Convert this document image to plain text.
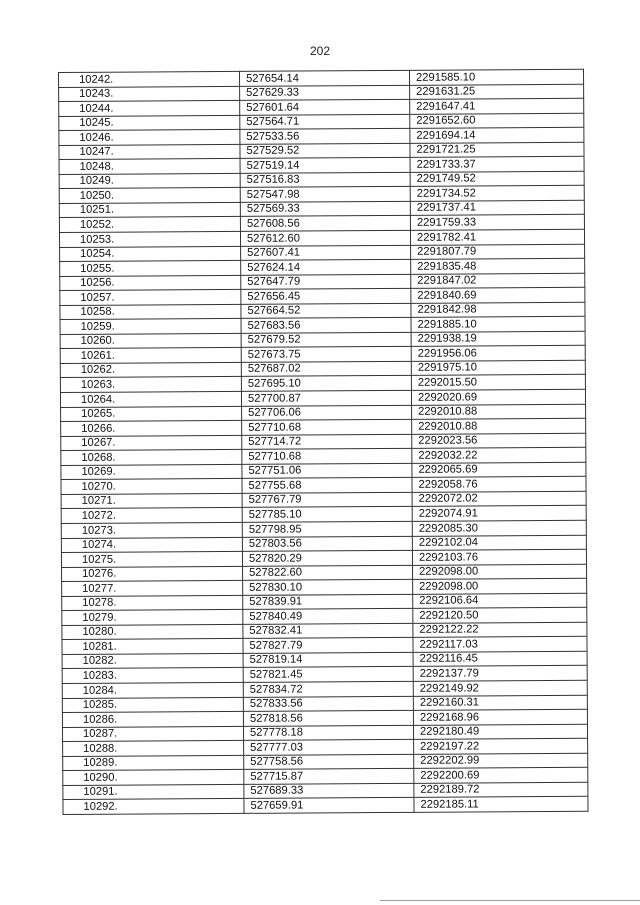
202
10242.	527654.14	2291585.10
10243.	527629.33	2291631.25
10244.	527601.64	2291647.41
10245.	527564.71	2291652.60
10246.	527533.56	2291694.14
10247.	527529.52	2291721.25
10248.	527519.14	2291733.37
10249.	527516.83	2291749.52
10250.	527547.98	2291734.52
10251.	527569.33	2291737.41
10252.	527608.56	2291759.33
10253.	527612.60	2291782.41
10254.	527607.41	2291807.79
10255.	527624.14	2291835.48
10256.	527647.79	2291847.02
10257.	527656.45	2291840.69
10258.	527664.52	2291842.98
10259.	527683.56	2291885.10
10260.	527679.52	2291938.19
10261.	527673.75	2291956.06
10262.	527687.02	2291975.10
10263.	527695.10	2292015.50
10264.	527700.87	2292020.69
10265.	527706.06	2292010.88
10266.	527710.68	2292010.88
10267.	527714.72	2292023.56
10268.	527710.68	2292032.22
10269.	527751.06	2292065.69
10270.	527755.68	2292058.76
10271.	527767.79	2292072.02
10272.	527785.10	2292074.91
10273.	527798.95	2292085.30
10274.	527803.56	2292102.04
10275.	527820.29	2292103.76
10276.	527822.60	2292098.00
10277.	527830.10	2292098.00
10278.	527839.91	2292106.64
10279.	527840.49	2292120.50
10280.	527832.41	2292122.22
10281.	527827.79	2292117.03
10282.	527819.14	2292116.45
10283.	527821.45	2292137.79
10284.	527834.72	2292149.92
10285.	527833.56	2292160.31
10286.	527818.56	2292168.96
10287.	527778.18	2292180.49
10288.	527777.03	2292197.22
10289.	527758.56	2292202.99
10290.	527715.87	2292200.69
10291.	527689.33	2292189.72
10292.	527659.91	2292185.11
